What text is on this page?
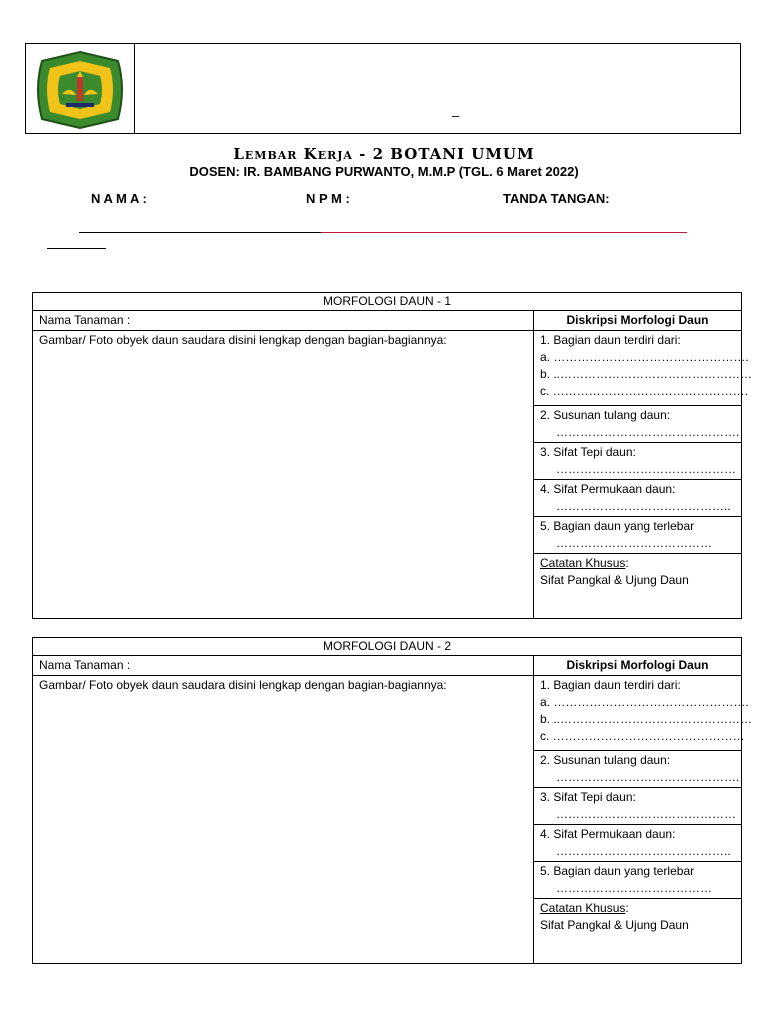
–
Lembar Kerja - 2 BOTANI UMUM
DOSEN: IR. BAMBANG PURWANTO, M.M.P (TGL. 6 Maret 2022)
N A M A :	N P M :	TANDA TANGAN:
MORFOLOGI DAUN - 1	
Nama Tanaman :	Diskripsi Morfologi Daun
Gambar/ Foto obyek daun saudara disini lengkap dengan bagian-bagiannya:	1. Bagian daun terdiri dari:
a. ………………………………………….
b. ..…………………………………………
c. ………………………………………….

	2. Susunan tulang daun:
……………………………………….

	3. Sifat Tepi daun:
………………………………………

	4. Sifat Permukaan daun:
……………………………………..

	5. Bagian daun yang terlebar
…………………………………

	Catatan Khusus:
Sifat Pangkal & Ujung Daun
MORFOLOGI DAUN - 2	
Nama Tanaman :	Diskripsi Morfologi Daun
Gambar/ Foto obyek daun saudara disini lengkap dengan bagian-bagiannya:	1. Bagian daun terdiri dari:
a. ………………………………………….
b. ..…………………………………………
c. …………………………………………

	2. Susunan tulang daun:
……………………………………….

	3. Sifat Tepi daun:
………………………………………

	4. Sifat Permukaan daun:
……………………………………..

	5. Bagian daun yang terlebar
…………………………………

	Catatan Khusus:
Sifat Pangkal & Ujung Daun
